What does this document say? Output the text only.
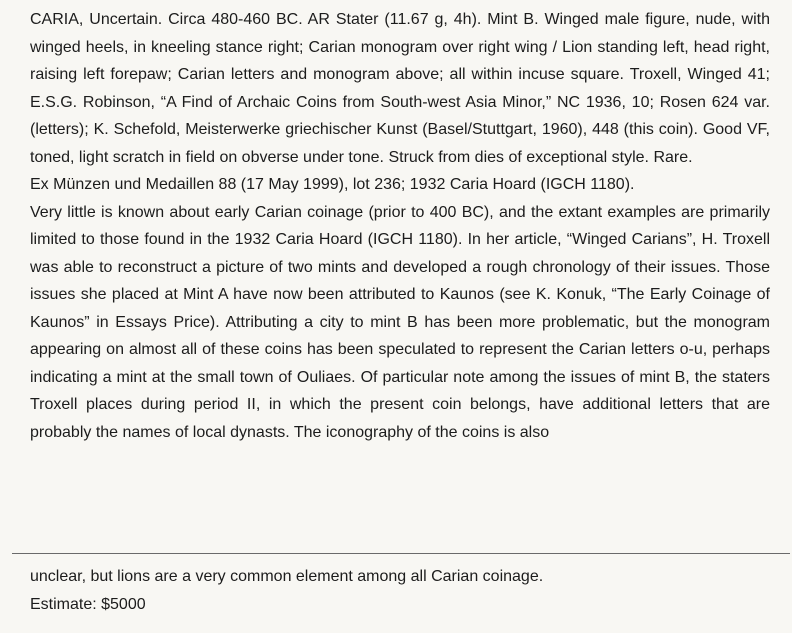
CARIA, Uncertain. Circa 480-460 BC. AR Stater (11.67 g, 4h). Mint B. Winged male figure, nude, with winged heels, in kneeling stance right; Carian monogram over right wing / Lion standing left, head right, raising left forepaw; Carian letters and monogram above; all within incuse square. Troxell, Winged 41; E.S.G. Robinson, “A Find of Archaic Coins from South-west Asia Minor,” NC 1936, 10; Rosen 624 var. (letters); K. Schefold, Meisterwerke griechischer Kunst (Basel/Stuttgart, 1960), 448 (this coin). Good VF, toned, light scratch in field on obverse under tone. Struck from dies of exceptional style. Rare.

Ex Münzen und Medaillen 88 (17 May 1999), lot 236; 1932 Caria Hoard (IGCH 1180).

Very little is known about early Carian coinage (prior to 400 BC), and the extant examples are primarily limited to those found in the 1932 Caria Hoard (IGCH 1180). In her article, “Winged Carians”, H. Troxell was able to reconstruct a picture of two mints and developed a rough chronology of their issues. Those issues she placed at Mint A have now been attributed to Kaunos (see K. Konuk, “The Early Coinage of Kaunos” in Essays Price). Attributing a city to mint B has been more problematic, but the monogram appearing on almost all of these coins has been speculated to represent the Carian letters o-u, perhaps indicating a mint at the small town of Ouliaes. Of particular note among the issues of mint B, the staters Troxell places during period II, in which the present coin belongs, have additional letters that are probably the names of local dynasts. The iconography of the coins is also

unclear, but lions are a very common element among all Carian coinage.

Estimate: $5000
